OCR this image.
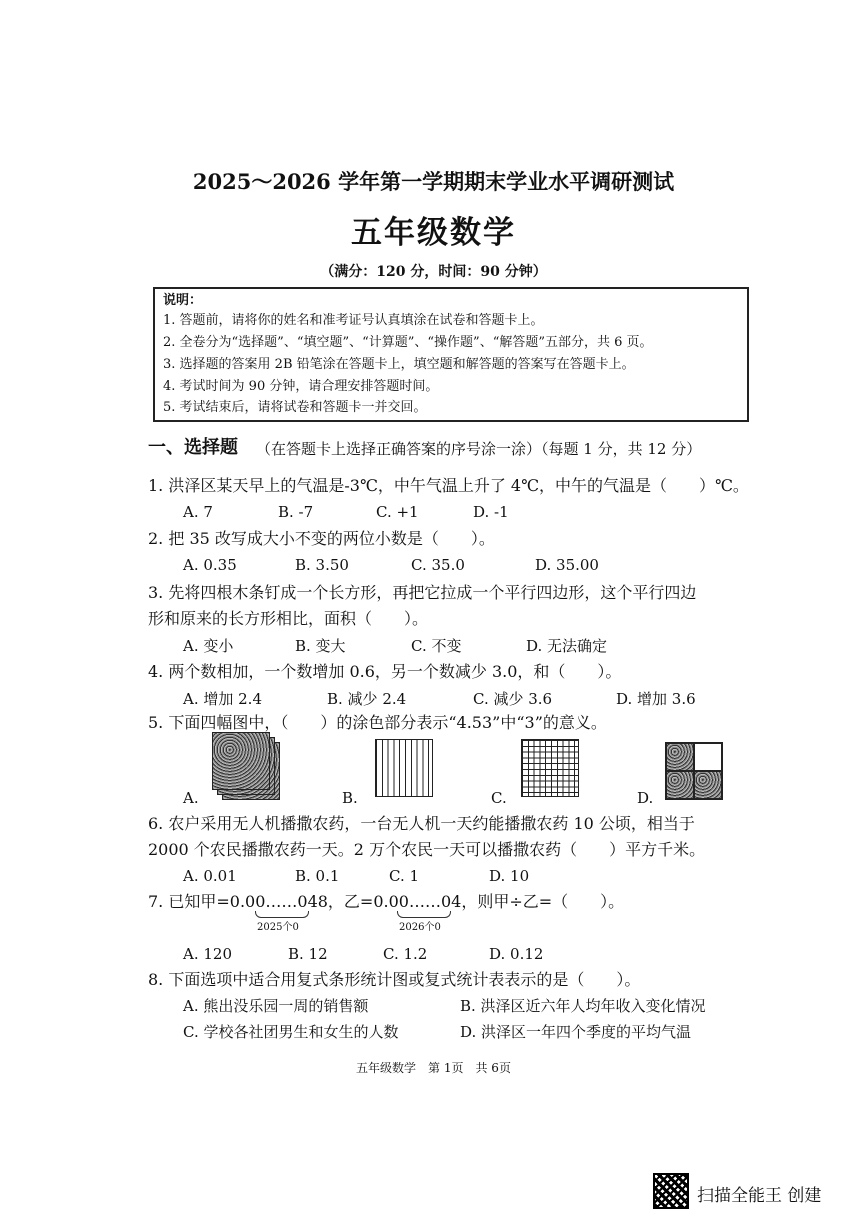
2025～2026 学年第一学期期末学业水平调研测试
五年级数学
（满分：120 分，时间：90 分钟）
说明：
1. 答题前，请将你的姓名和准考证号认真填涂在试卷和答题卡上。
2. 全卷分为“选择题”、“填空题”、“计算题”、“操作题”、“解答题”五部分，共 6 页。
3. 选择题的答案用 2B 铅笔涂在答题卡上，填空题和解答题的答案写在答题卡上。
4. 考试时间为 90 分钟，请合理安排答题时间。
5. 考试结束后，请将试卷和答题卡一并交回。
一、选择题 （在答题卡上选择正确答案的序号涂一涂）（每题 1 分，共 12 分）
1. 洪泽区某天早上的气温是-3℃，中午气温上升了 4℃，中午的气温是（　　）℃。
A. 7	B. -7	C. +1	D. -1
2. 把 35 改写成大小不变的两位小数是（　　）。
A. 0.35	B. 3.50	C. 35.0	D. 35.00
3. 先将四根木条钉成一个长方形，再把它拉成一个平行四边形，这个平行四边
形和原来的长方形相比，面积（　　）。
A. 变小	B. 变大	C. 不变	D. 无法确定
4. 两个数相加，一个数增加 0.6，另一个数减少 3.0，和（　　）。
A. 增加 2.4	B. 减少 2.4	C. 减少 3.6	D. 增加 3.6
5. 下面四幅图中，（　　）的涂色部分表示“4.53”中“3”的意义。
A.	B.	C.	D.
6. 农户采用无人机播撒农药，一台无人机一天约能播撒农药 10 公顷，相当于
2000 个农民播撒农药一天。2 万个农民一天可以播撒农药（　　）平方千米。
A. 0.01	B. 0.1	C. 1	D. 10
7. 已知甲=0.00……048，乙=0.00……04，则甲÷乙=（　　）。
2025个0	2026个0
A. 120	B. 12	C. 1.2	D. 0.12
8. 下面选项中适合用复式条形统计图或复式统计表表示的是（　　）。
A. 熊出没乐园一周的销售额	B. 洪泽区近六年人均年收入变化情况
C. 学校各社团男生和女生的人数	D. 洪泽区一年四个季度的平均气温
五年级数学　第 1页　共 6页
扫描全能王 创建
